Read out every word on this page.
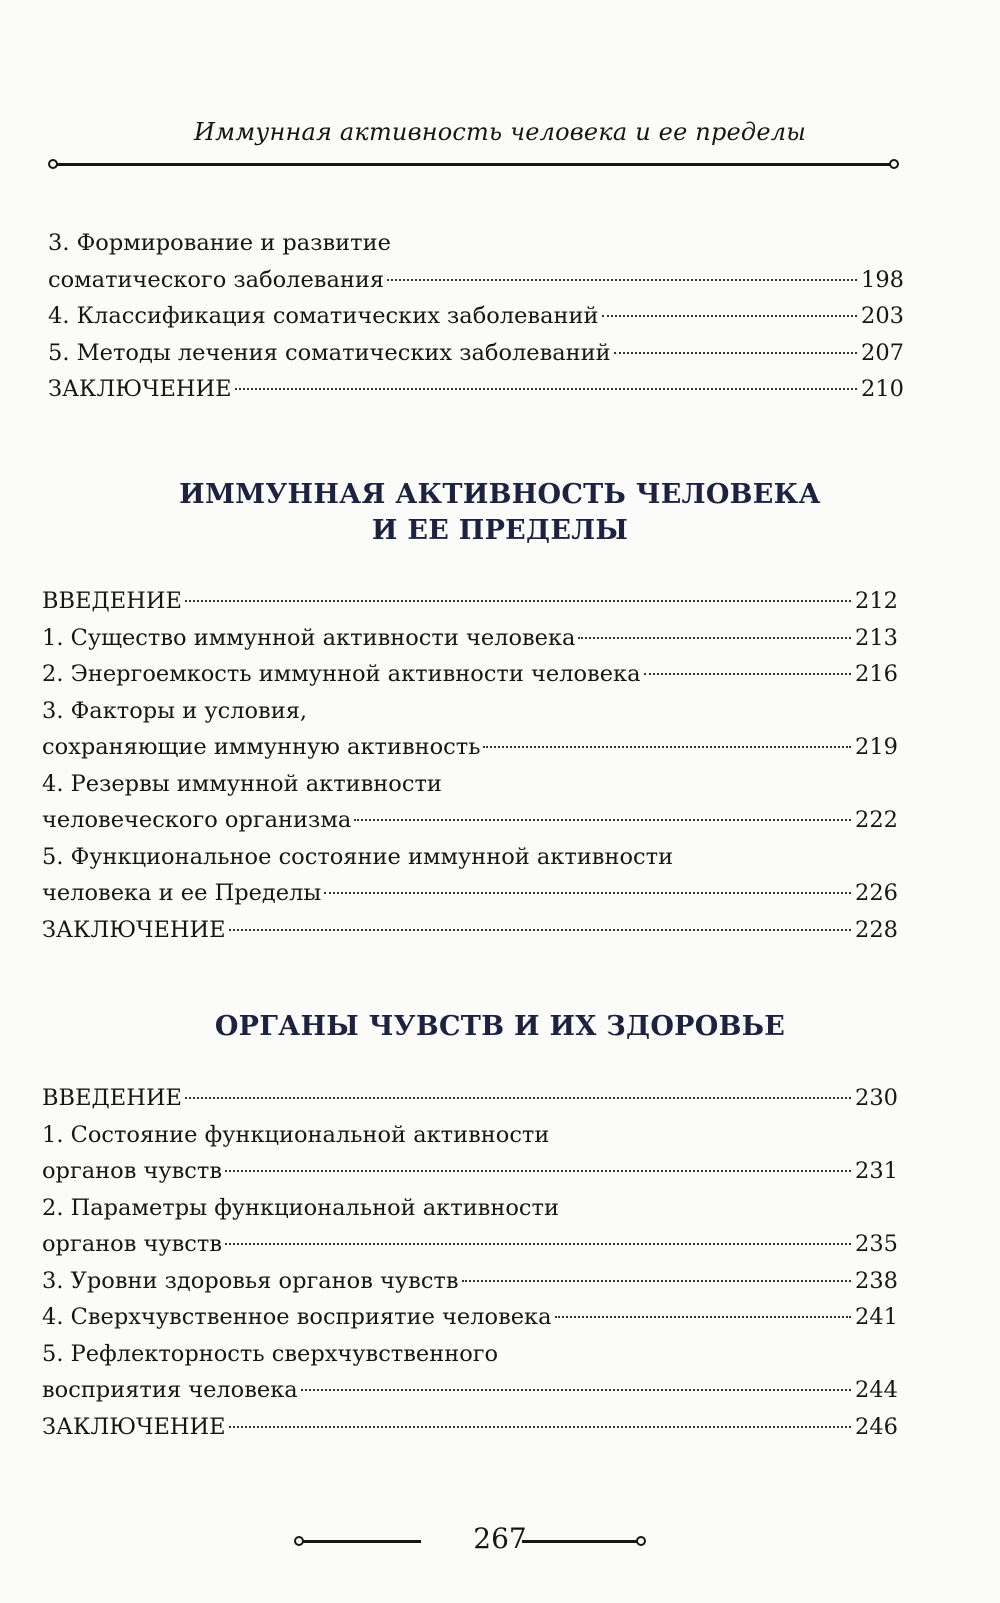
Иммунная активность человека и ее пределы
3. Формирование и развитие
соматического заболевания	198
4. Классификация соматических заболеваний	203
5. Методы лечения соматических заболеваний	207
ЗАКЛЮЧЕНИЕ	210
ИММУННАЯ АКТИВНОСТЬ ЧЕЛОВЕКА
И ЕЕ ПРЕДЕЛЫ
ВВЕДЕНИЕ	212
1. Существо иммунной активности человека	213
2. Энергоемкость иммунной активности человека	216
3. Факторы и условия,
сохраняющие иммунную активность	219
4. Резервы иммунной активности
человеческого организма	222
5. Функциональное состояние иммунной активности
человека и ее Пределы	226
ЗАКЛЮЧЕНИЕ	228
ОРГАНЫ ЧУВСТВ И ИХ ЗДОРОВЬЕ
ВВЕДЕНИЕ	230
1. Состояние функциональной активности
органов чувств	231
2. Параметры функциональной активности
органов чувств	235
3. Уровни здоровья органов чувств	238
4. Сверхчувственное восприятие человека	241
5. Рефлекторность сверхчувственного
восприятия человека	244
ЗАКЛЮЧЕНИЕ	246
267
